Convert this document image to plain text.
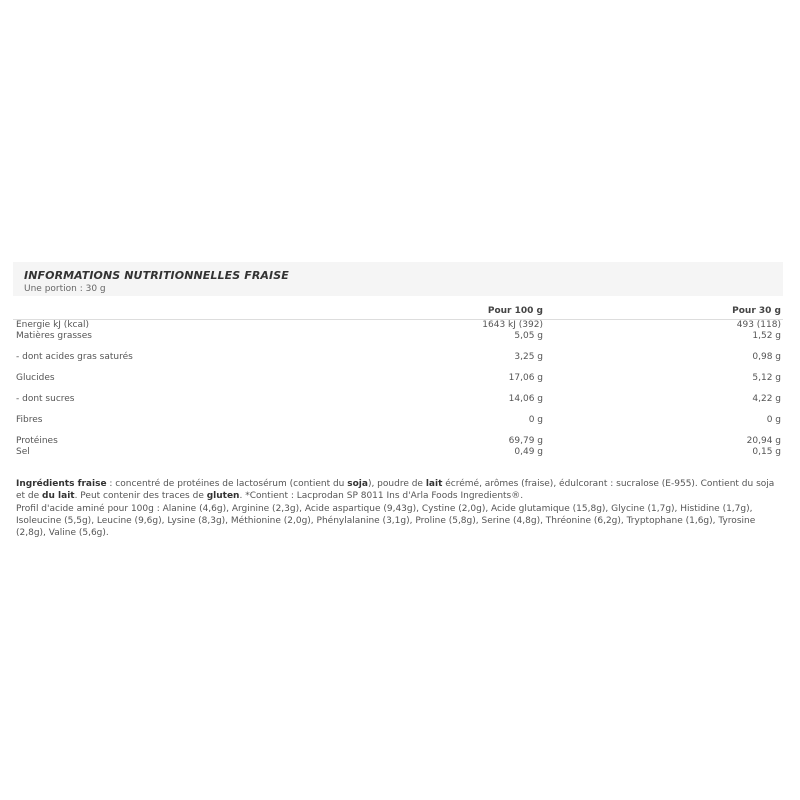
INFORMATIONS NUTRITIONNELLES FRAISE
Une portion : 30 g
	Pour 100 g	Pour 30 g
Energie kJ (kcal)	1643 kJ (392)	493 (118)
Matières grasses	5,05 g	1,52 g
- dont acides gras saturés	3,25 g	0,98 g
Glucides	17,06 g	5,12 g
- dont sucres	14,06 g	4,22 g
Fibres	0 g	0 g
Protéines	69,79 g	20,94 g
Sel	0,49 g	0,15 g
Ingrédients fraise : concentré de protéines de lactosérum (contient du soja), poudre de lait écrémé, arômes (fraise), édulcorant : sucralose (E-955). Contient du soja et de du lait. Peut contenir des traces de gluten. *Contient : Lacprodan SP 8011 Ins d'Arla Foods Ingredients®.
Profil d'acide aminé pour 100g : Alanine (4,6g), Arginine (2,3g), Acide aspartique (9,43g), Cystine (2,0g), Acide glutamique (15,8g), Glycine (1,7g), Histidine (1,7g), Isoleucine (5,5g), Leucine (9,6g), Lysine (8,3g), Méthionine (2,0g), Phénylalanine (3,1g), Proline (5,8g), Serine (4,8g), Thréonine (6,2g), Tryptophane (1,6g), Tyrosine (2,8g), Valine (5,6g).
